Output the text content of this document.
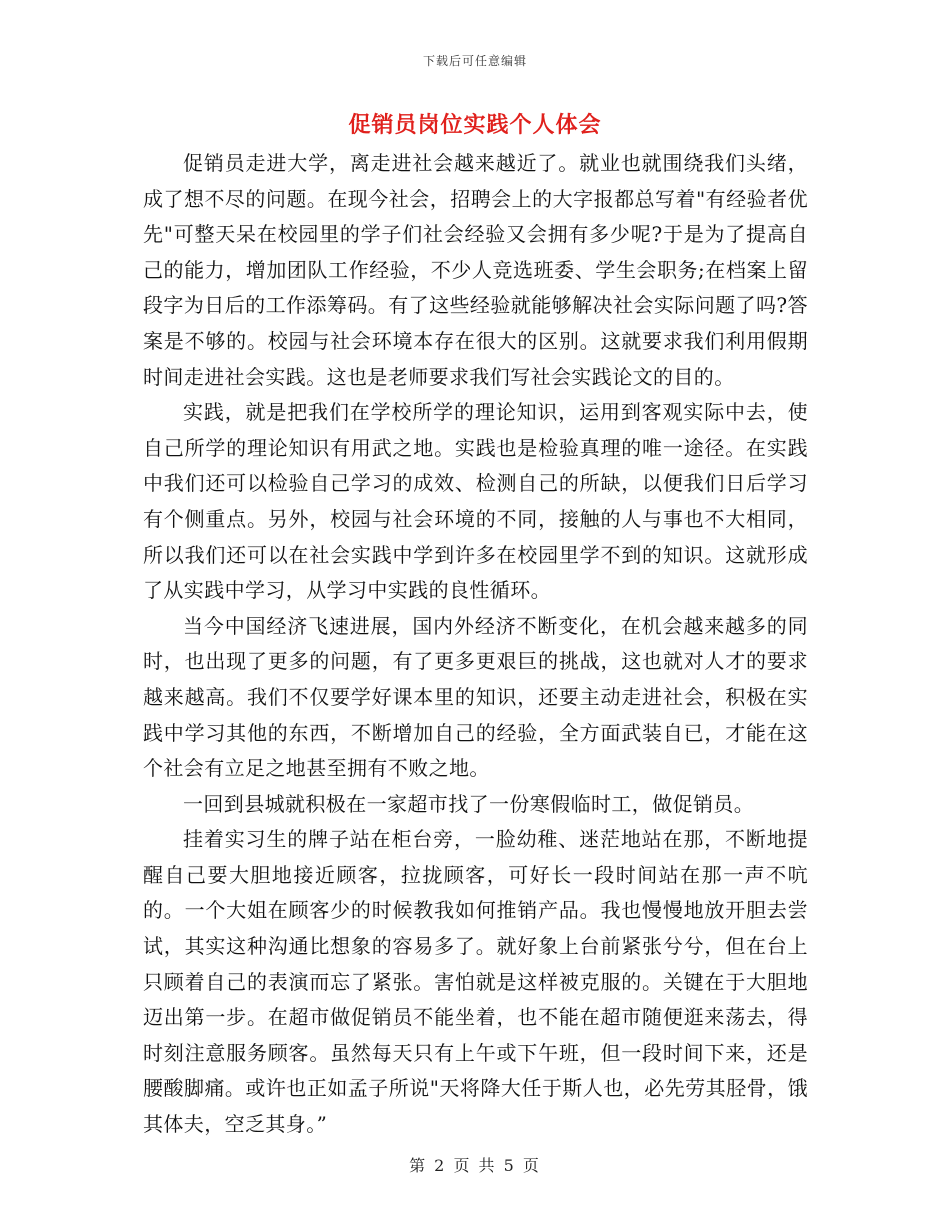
下载后可任意编辑
促销员岗位实践个人体会

促销员走进大学，离走进社会越来越近了。就业也就围绕我们头绪，成了想不尽的问题。在现今社会，招聘会上的大字报都总写着"有经验者优先"可整天呆在校园里的学子们社会经验又会拥有多少呢?于是为了提高自己的能力，增加团队工作经验，不少人竞选班委、学生会职务;在档案上留段字为日后的工作添筹码。有了这些经验就能够解决社会实际问题了吗?答案是不够的。校园与社会环境本存在很大的区别。这就要求我们利用假期时间走进社会实践。这也是老师要求我们写社会实践论文的目的。

实践，就是把我们在学校所学的理论知识，运用到客观实际中去，使自己所学的理论知识有用武之地。实践也是检验真理的唯一途径。在实践中我们还可以检验自己学习的成效、检测自己的所缺，以便我们日后学习有个侧重点。另外，校园与社会环境的不同，接触的人与事也不大相同，所以我们还可以在社会实践中学到许多在校园里学不到的知识。这就形成了从实践中学习，从学习中实践的良性循环。

当今中国经济飞速进展，国内外经济不断变化，在机会越来越多的同时，也出现了更多的问题，有了更多更艰巨的挑战，这也就对人才的要求越来越高。我们不仅要学好课本里的知识，还要主动走进社会，积极在实践中学习其他的东西，不断增加自己的经验，全方面武装自已，才能在这个社会有立足之地甚至拥有不败之地。

一回到县城就积极在一家超市找了一份寒假临时工，做促销员。

挂着实习生的牌子站在柜台旁，一脸幼稚、迷茫地站在那，不断地提醒自己要大胆地接近顾客，拉拢顾客，可好长一段时间站在那一声不吭的。一个大姐在顾客少的时候教我如何推销产品。我也慢慢地放开胆去尝试，其实这种沟通比想象的容易多了。就好象上台前紧张兮兮，但在台上只顾着自己的表演而忘了紧张。害怕就是这样被克服的。关键在于大胆地迈出第一步。在超市做促销员不能坐着，也不能在超市随便逛来荡去，得时刻注意服务顾客。虽然每天只有上午或下午班，但一段时间下来，还是腰酸脚痛。或许也正如孟子所说"天将降大任于斯人也，必先劳其胫骨，饿其体夫，空乏其身。”

第 2 页 共 5 页
